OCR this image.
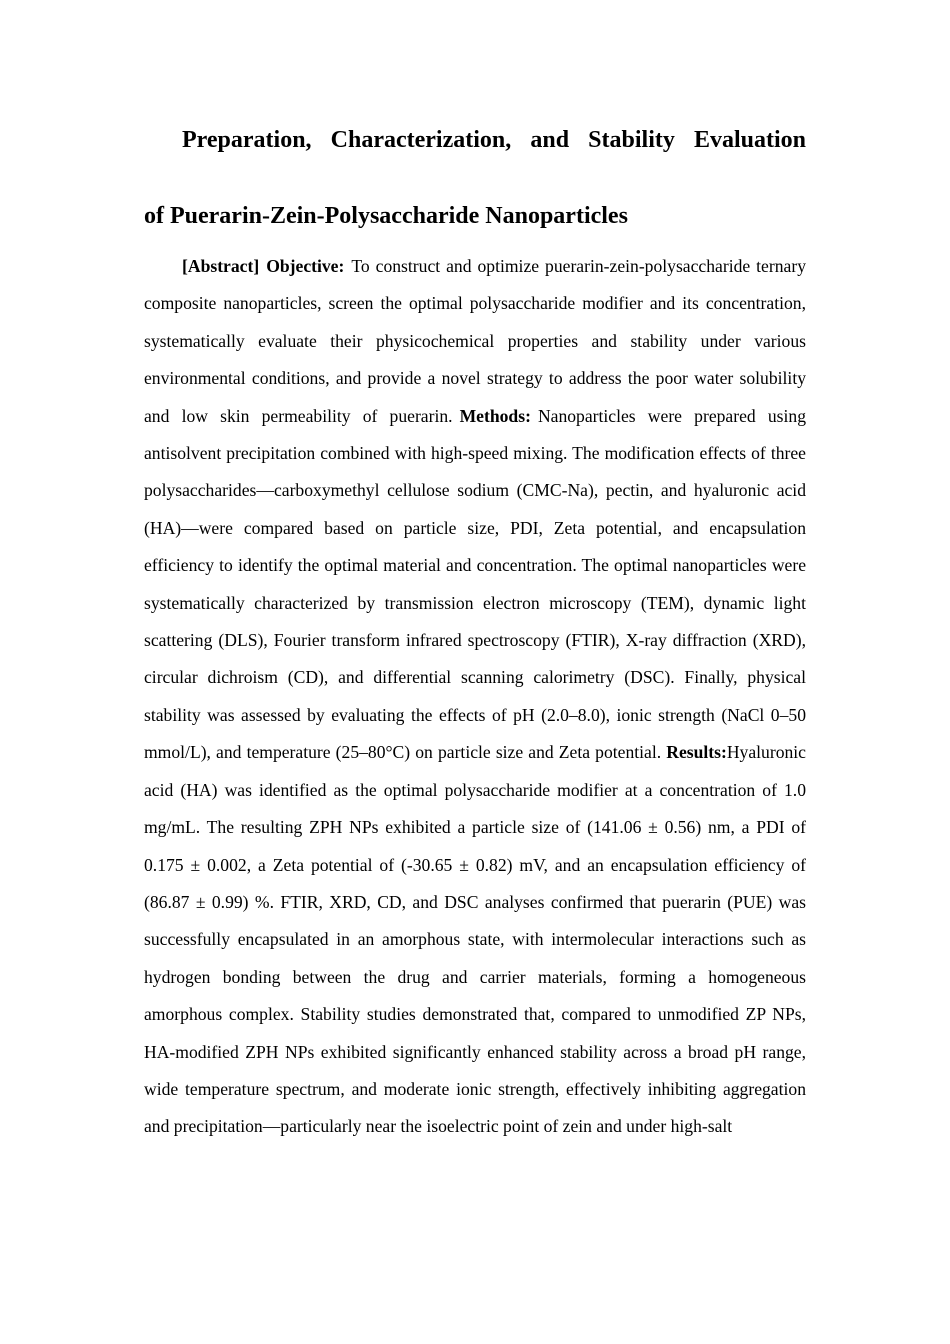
Preparation, Characterization, and Stability Evaluation
of Puerarin-Zein-Polysaccharide Nanoparticles

[Abstract] Objective: To construct and optimize puerarin-zein-polysaccharide ternary composite nanoparticles, screen the optimal polysaccharide modifier and its concentration, systematically evaluate their physicochemical properties and stability under various environmental conditions, and provide a novel strategy to address the poor water solubility and low skin permeability of puerarin. Methods: Nanoparticles were prepared using antisolvent precipitation combined with high-speed mixing. The modification effects of three polysaccharides—carboxymethyl cellulose sodium (CMC-Na), pectin, and hyaluronic acid (HA)—were compared based on particle size, PDI, Zeta potential, and encapsulation efficiency to identify the optimal material and concentration. The optimal nanoparticles were systematically characterized by transmission electron microscopy (TEM), dynamic light scattering (DLS), Fourier transform infrared spectroscopy (FTIR), X-ray diffraction (XRD), circular dichroism (CD), and differential scanning calorimetry (DSC). Finally, physical stability was assessed by evaluating the effects of pH (2.0–8.0), ionic strength (NaCl 0–50 mmol/L), and temperature (25–80°C) on particle size and Zeta potential. Results:Hyaluronic acid (HA) was identified as the optimal polysaccharide modifier at a concentration of 1.0 mg/mL. The resulting ZPH NPs exhibited a particle size of (141.06 ± 0.56) nm, a PDI of 0.175 ± 0.002, a Zeta potential of (-30.65 ± 0.82) mV, and an encapsulation efficiency of (86.87 ± 0.99) %. FTIR, XRD, CD, and DSC analyses confirmed that puerarin (PUE) was successfully encapsulated in an amorphous state, with intermolecular interactions such as hydrogen bonding between the drug and carrier materials, forming a homogeneous amorphous complex. Stability studies demonstrated that, compared to unmodified ZP NPs, HA-modified ZPH NPs exhibited significantly enhanced stability across a broad pH range, wide temperature spectrum, and moderate ionic strength, effectively inhibiting aggregation and precipitation—particularly near the isoelectric point of zein and under high-salt
